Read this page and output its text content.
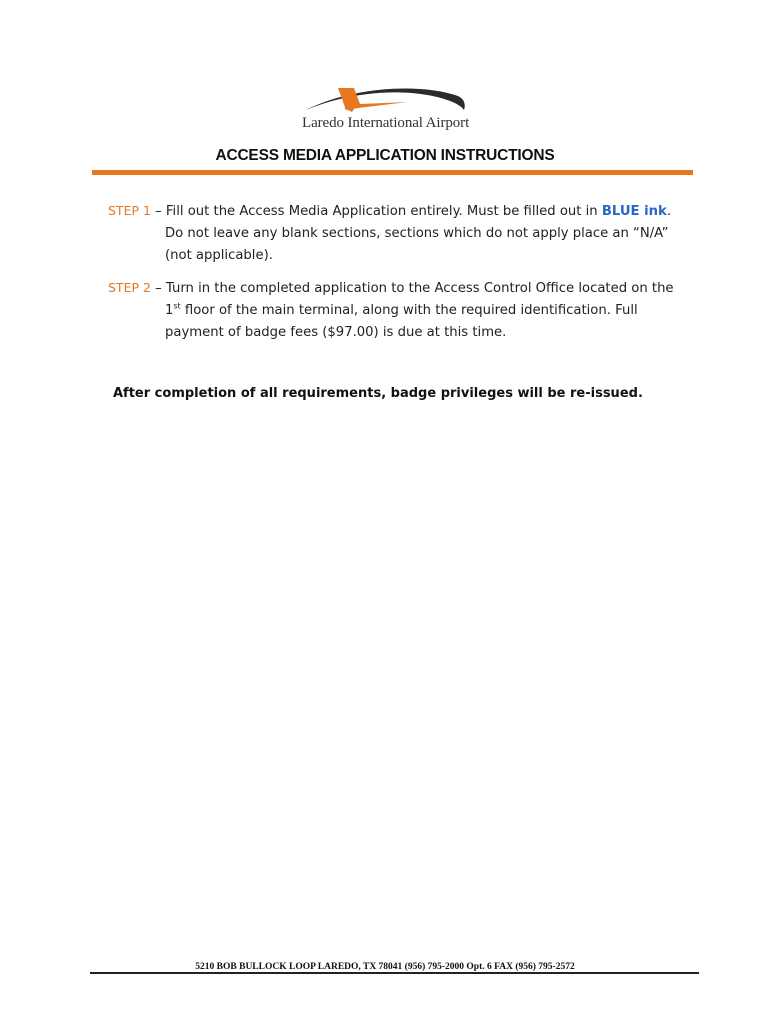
Laredo International Airport
ACCESS MEDIA APPLICATION INSTRUCTIONS
STEP 1 – Fill out the Access Media Application entirely. Must be filled out in BLUE ink.
Do not leave any blank sections, sections which do not apply place an “N/A”
(not applicable).
STEP 2 – Turn in the completed application to the Access Control Office located on the
1st floor of the main terminal, along with the required identification. Full
payment of badge fees ($97.00) is due at this time.
After completion of all requirements, badge privileges will be re-issued.
5210 BOB BULLOCK LOOP LAREDO, TX 78041 (956) 795-2000 Opt. 6 FAX (956) 795-2572
